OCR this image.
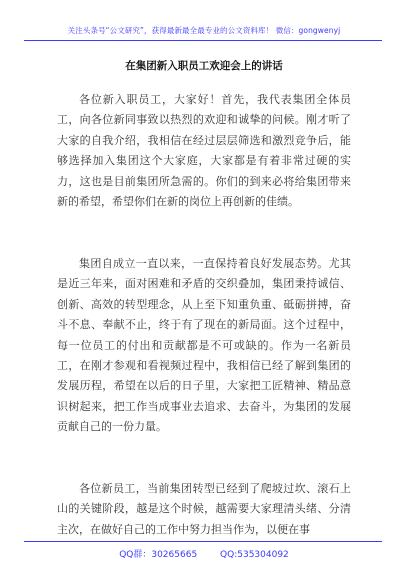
关注头条号“公文研究”，获得最新最全最专业的公文资料库！ 微信：gongwenyj
在集团新入职员工欢迎会上的讲话

各位新入职员工，大家好！首先，我代表集团全体员工，向各位新同事致以热烈的欢迎和诚挚的问候。刚才听了大家的自我介绍，我相信在经过层层筛选和激烈竞争后，能够选择加入集团这个大家庭，大家都是有着非常过硬的实力，这也是目前集团所急需的。你们的到来必将给集团带来新的希望，希望你们在新的岗位上再创新的佳绩。

集团自成立一直以来，一直保持着良好发展态势。尤其是近三年来，面对困难和矛盾的交织叠加，集团秉持诚信、创新、高效的转型理念，从上至下知重负重、砥砺拼搏，奋斗不息、奉献不止，终于有了现在的新局面。这个过程中，每一位员工的付出和贡献都是不可或缺的。作为一名新员工，在刚才参观和看视频过程中，我相信已经了解到集团的发展历程，希望在以后的日子里，大家把工匠精神、精品意识树起来，把工作当成事业去追求、去奋斗，为集团的发展贡献自己的一份力量。

各位新员工，当前集团转型已经到了爬坡过坎、滚石上山的关键阶段，越是这个时候，越需要大家理清头绪、分清主次，在做好自己的工作中努力担当作为，以便在事

QQ群：30265665	QQ:535304092
